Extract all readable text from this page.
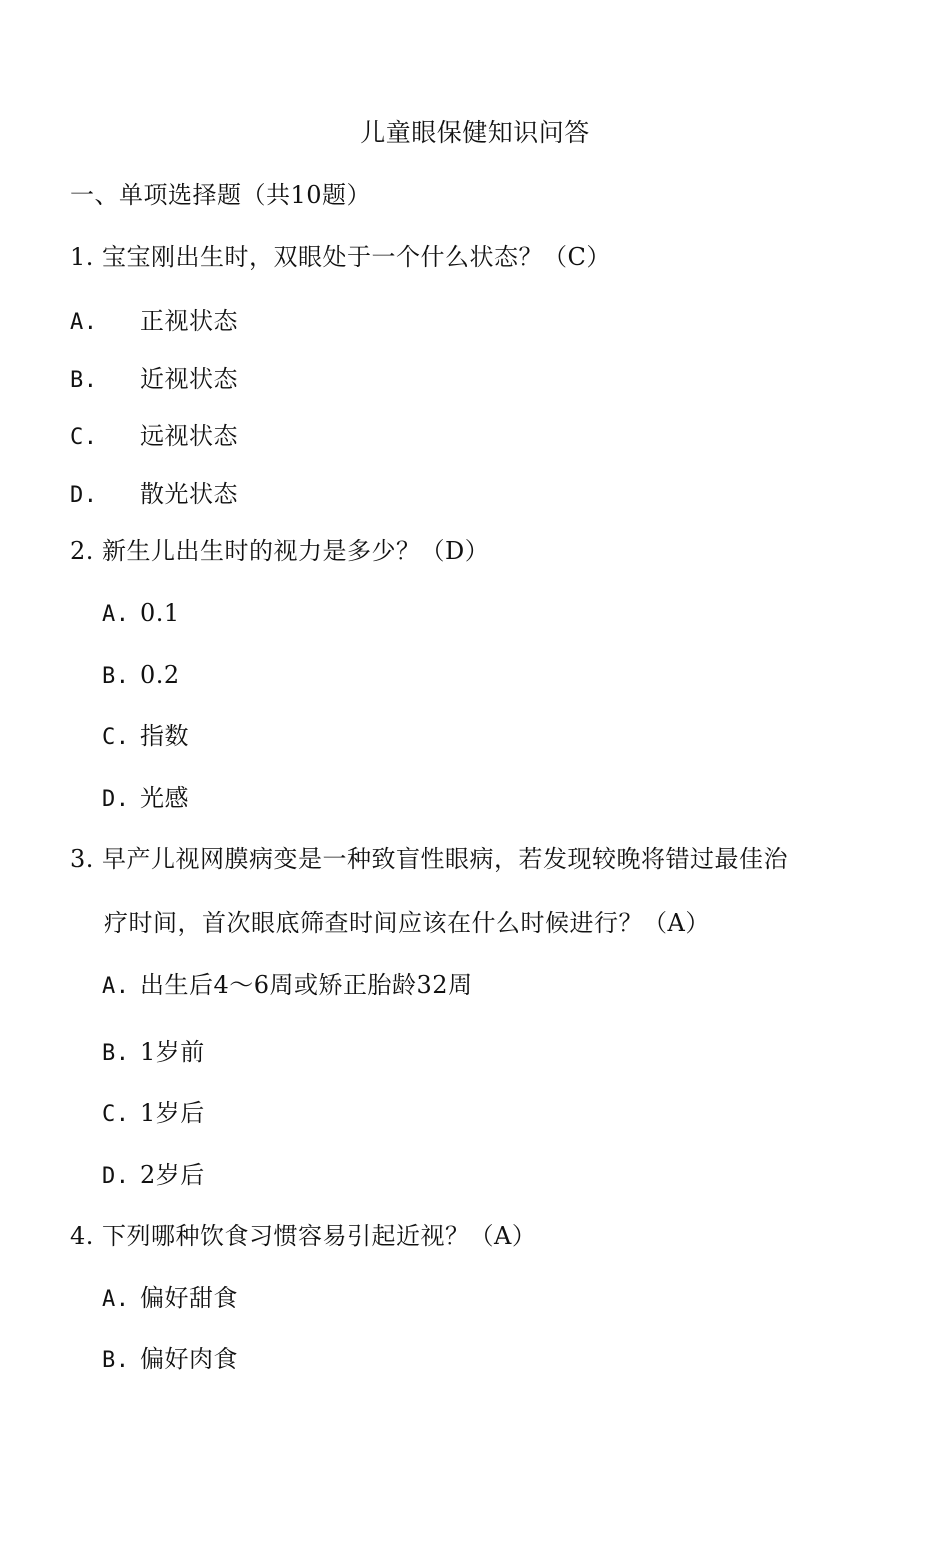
儿童眼保健知识问答
一、单项选择题（共10题）
1. 宝宝刚出生时，双眼处于一个什么状态？（C）
A. 正视状态
B. 近视状态
C. 远视状态
D. 散光状态
2. 新生儿出生时的视力是多少？（D）
A. 0.1
B. 0.2
C. 指数
D. 光感
3. 早产儿视网膜病变是一种致盲性眼病，若发现较晚将错过最佳治
疗时间，首次眼底筛查时间应该在什么时候进行？（A）
A. 出生后4〜6周或矫正胎龄32周
B. 1岁前
C. 1岁后
D. 2岁后
4. 下列哪种饮食习惯容易引起近视？（A）
A. 偏好甜食
B. 偏好肉食
